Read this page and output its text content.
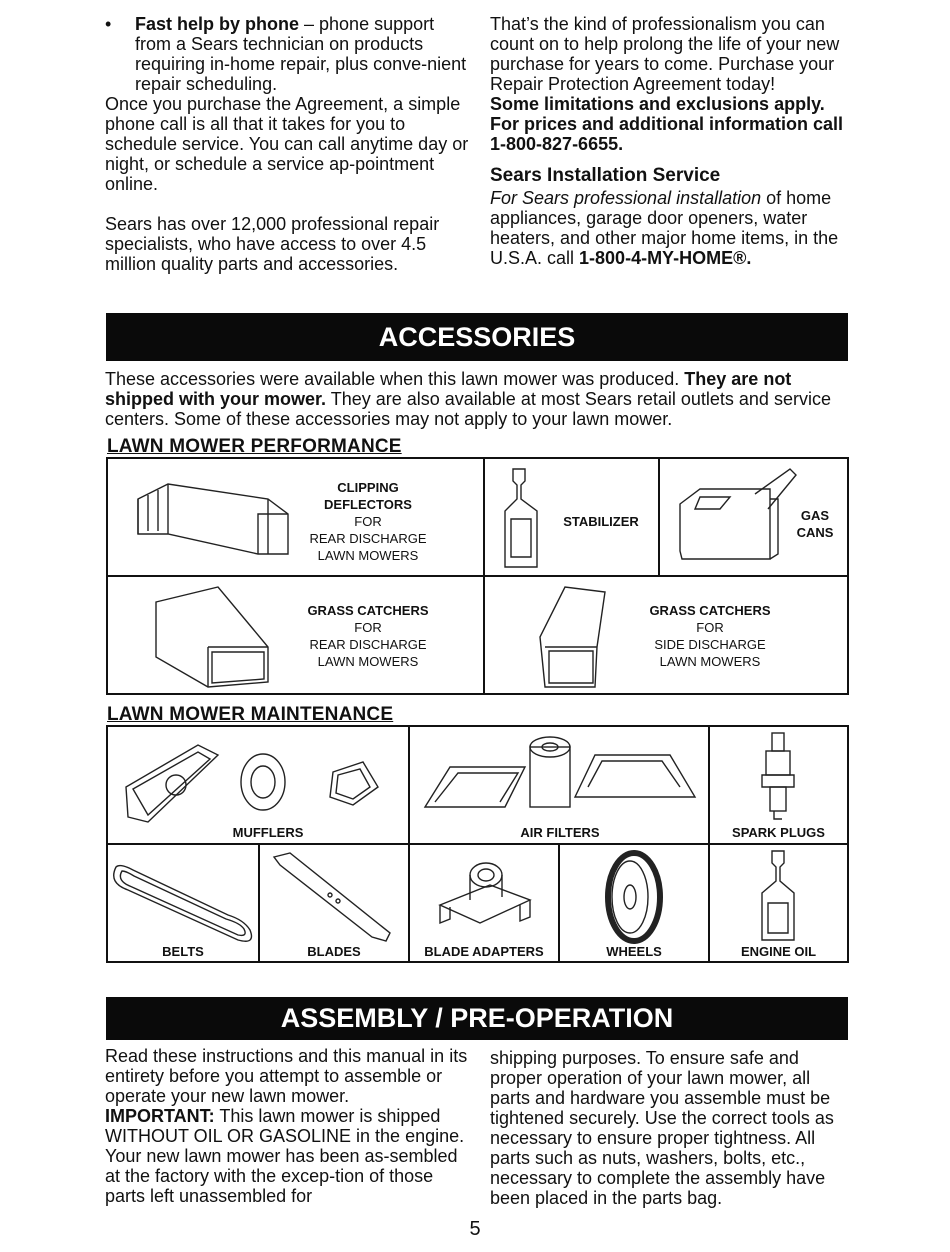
• Fast help by phone – phone support from a Sears technician on products requiring in-home repair, plus conve-nient repair scheduling.
Once you purchase the Agreement, a simple phone call is all that it takes for you to schedule service. You can call anytime day or night, or schedule a service ap-pointment online.
Sears has over 12,000 professional repair specialists, who have access to over 4.5 million quality parts and accessories.
That’s the kind of professionalism you can count on to help prolong the life of your new purchase for years to come. Purchase your Repair Protection Agreement today!
Some limitations and exclusions apply. For prices and additional information call 1-800-827-6655.
Sears Installation Service
For Sears professional installation of home appliances, garage door openers, water heaters, and other major home items, in the U.S.A. call 1-800-4-MY-HOME®.
ACCESSORIES
These accessories were available when this lawn mower was produced. They are not shipped with your mower. They are also available at most Sears retail outlets and service centers. Some of these accessories may not apply to your lawn mower.
LAWN MOWER PERFORMANCE
CLIPPING
DEFLECTORS
FOR
REAR DISCHARGE
LAWN MOWERS
STABILIZER	GAS
CANS
GRASS CATCHERS
FOR
REAR DISCHARGE
LAWN MOWERS
GRASS CATCHERS
FOR
SIDE DISCHARGE
LAWN MOWERS
LAWN MOWER MAINTENANCE
MUFFLERS	AIR FILTERS	SPARK PLUGS
BELTS	BLADES	BLADE ADAPTERS	WHEELS	ENGINE OIL
ASSEMBLY / PRE-OPERATION
Read these instructions and this manual in its entirety before you attempt to assemble or operate your new lawn mower.
IMPORTANT: This lawn mower is shipped WITHOUT OIL OR GASOLINE in the engine.
Your new lawn mower has been as-sembled at the factory with the excep-tion of those parts left unassembled for
shipping purposes. To ensure safe and proper operation of your lawn mower, all parts and hardware you assemble must be tightened securely. Use the correct tools as necessary to ensure proper tightness. All parts such as nuts, washers, bolts, etc., necessary to complete the assembly have been placed in the parts bag.
5
